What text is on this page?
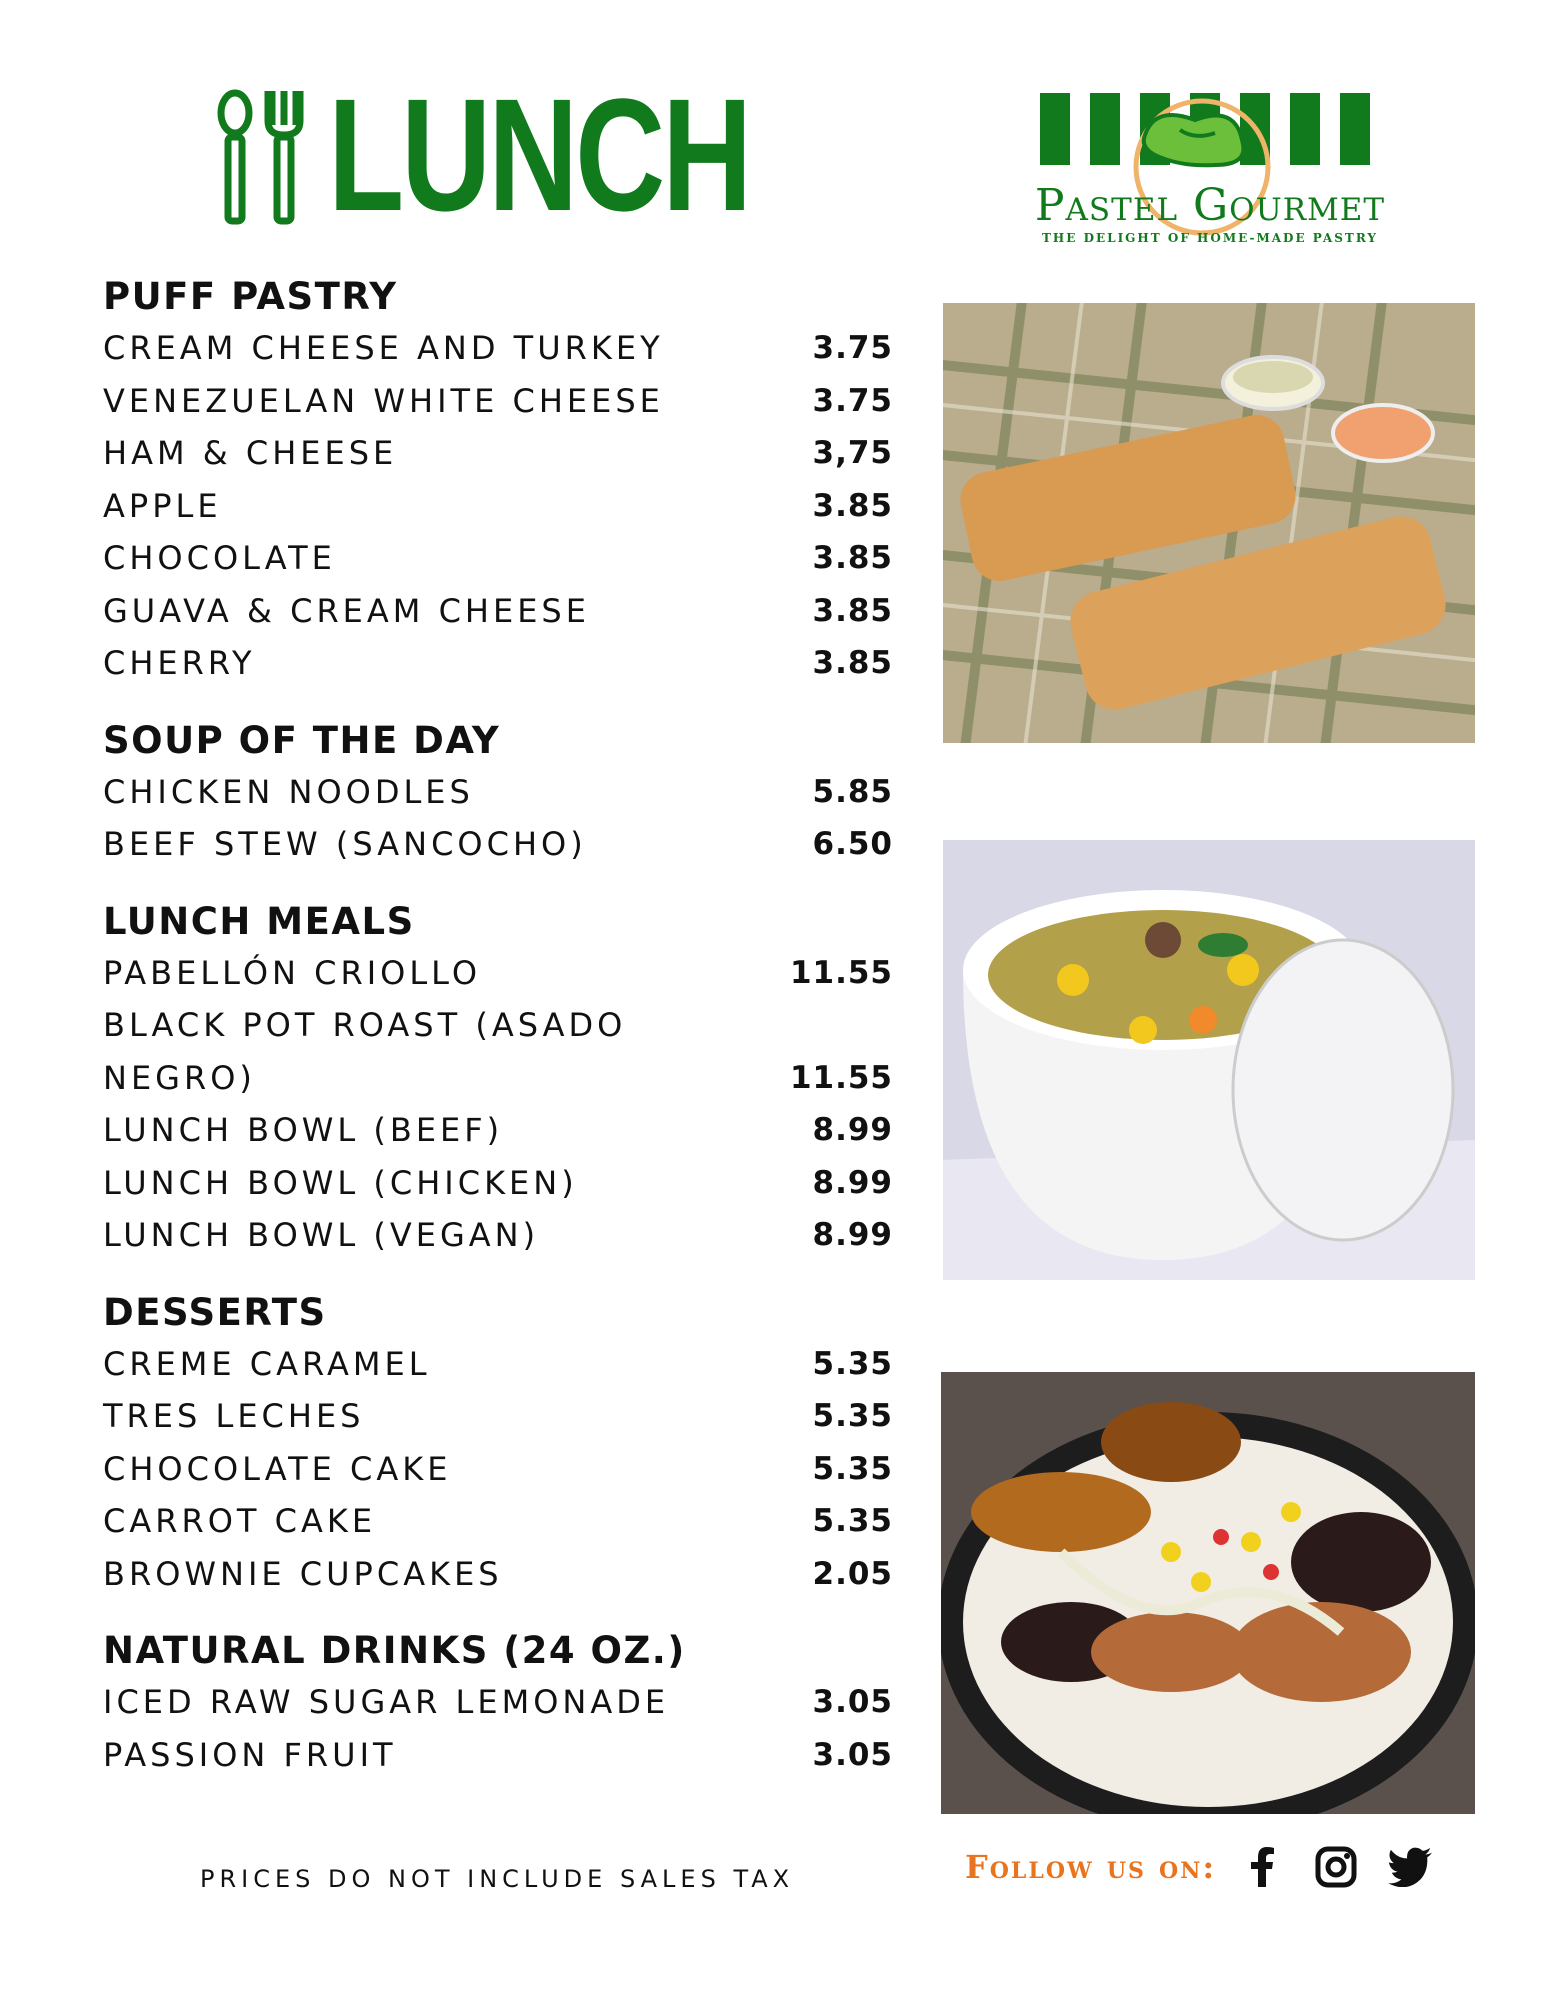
LUNCH	Pastel Gourmet
THE DELIGHT OF HOME-MADE PASTRY
PUFF PASTRY
CREAM CHEESE AND TURKEY	3.75
VENEZUELAN WHITE CHEESE	3.75
HAM & CHEESE	3,75
APPLE	3.85
CHOCOLATE	3.85
GUAVA & CREAM CHEESE	3.85
CHERRY	3.85
SOUP OF THE DAY
CHICKEN NOODLES	5.85
BEEF STEW (SANCOCHO)	6.50
LUNCH MEALS
PABELLÓN CRIOLLO	11.55
BLACK POT ROAST (ASADO NEGRO)	11.55
LUNCH BOWL (BEEF)	8.99
LUNCH BOWL (CHICKEN)	8.99
LUNCH BOWL (VEGAN)	8.99
DESSERTS
CREME CARAMEL	5.35
TRES LECHES	5.35
CHOCOLATE CAKE	5.35
CARROT CAKE	5.35
BROWNIE CUPCAKES	2.05
NATURAL DRINKS (24 OZ.)
ICED RAW SUGAR LEMONADE	3.05
PASSION FRUIT	3.05
PRICES DO NOT INCLUDE SALES TAX	Follow us on:
